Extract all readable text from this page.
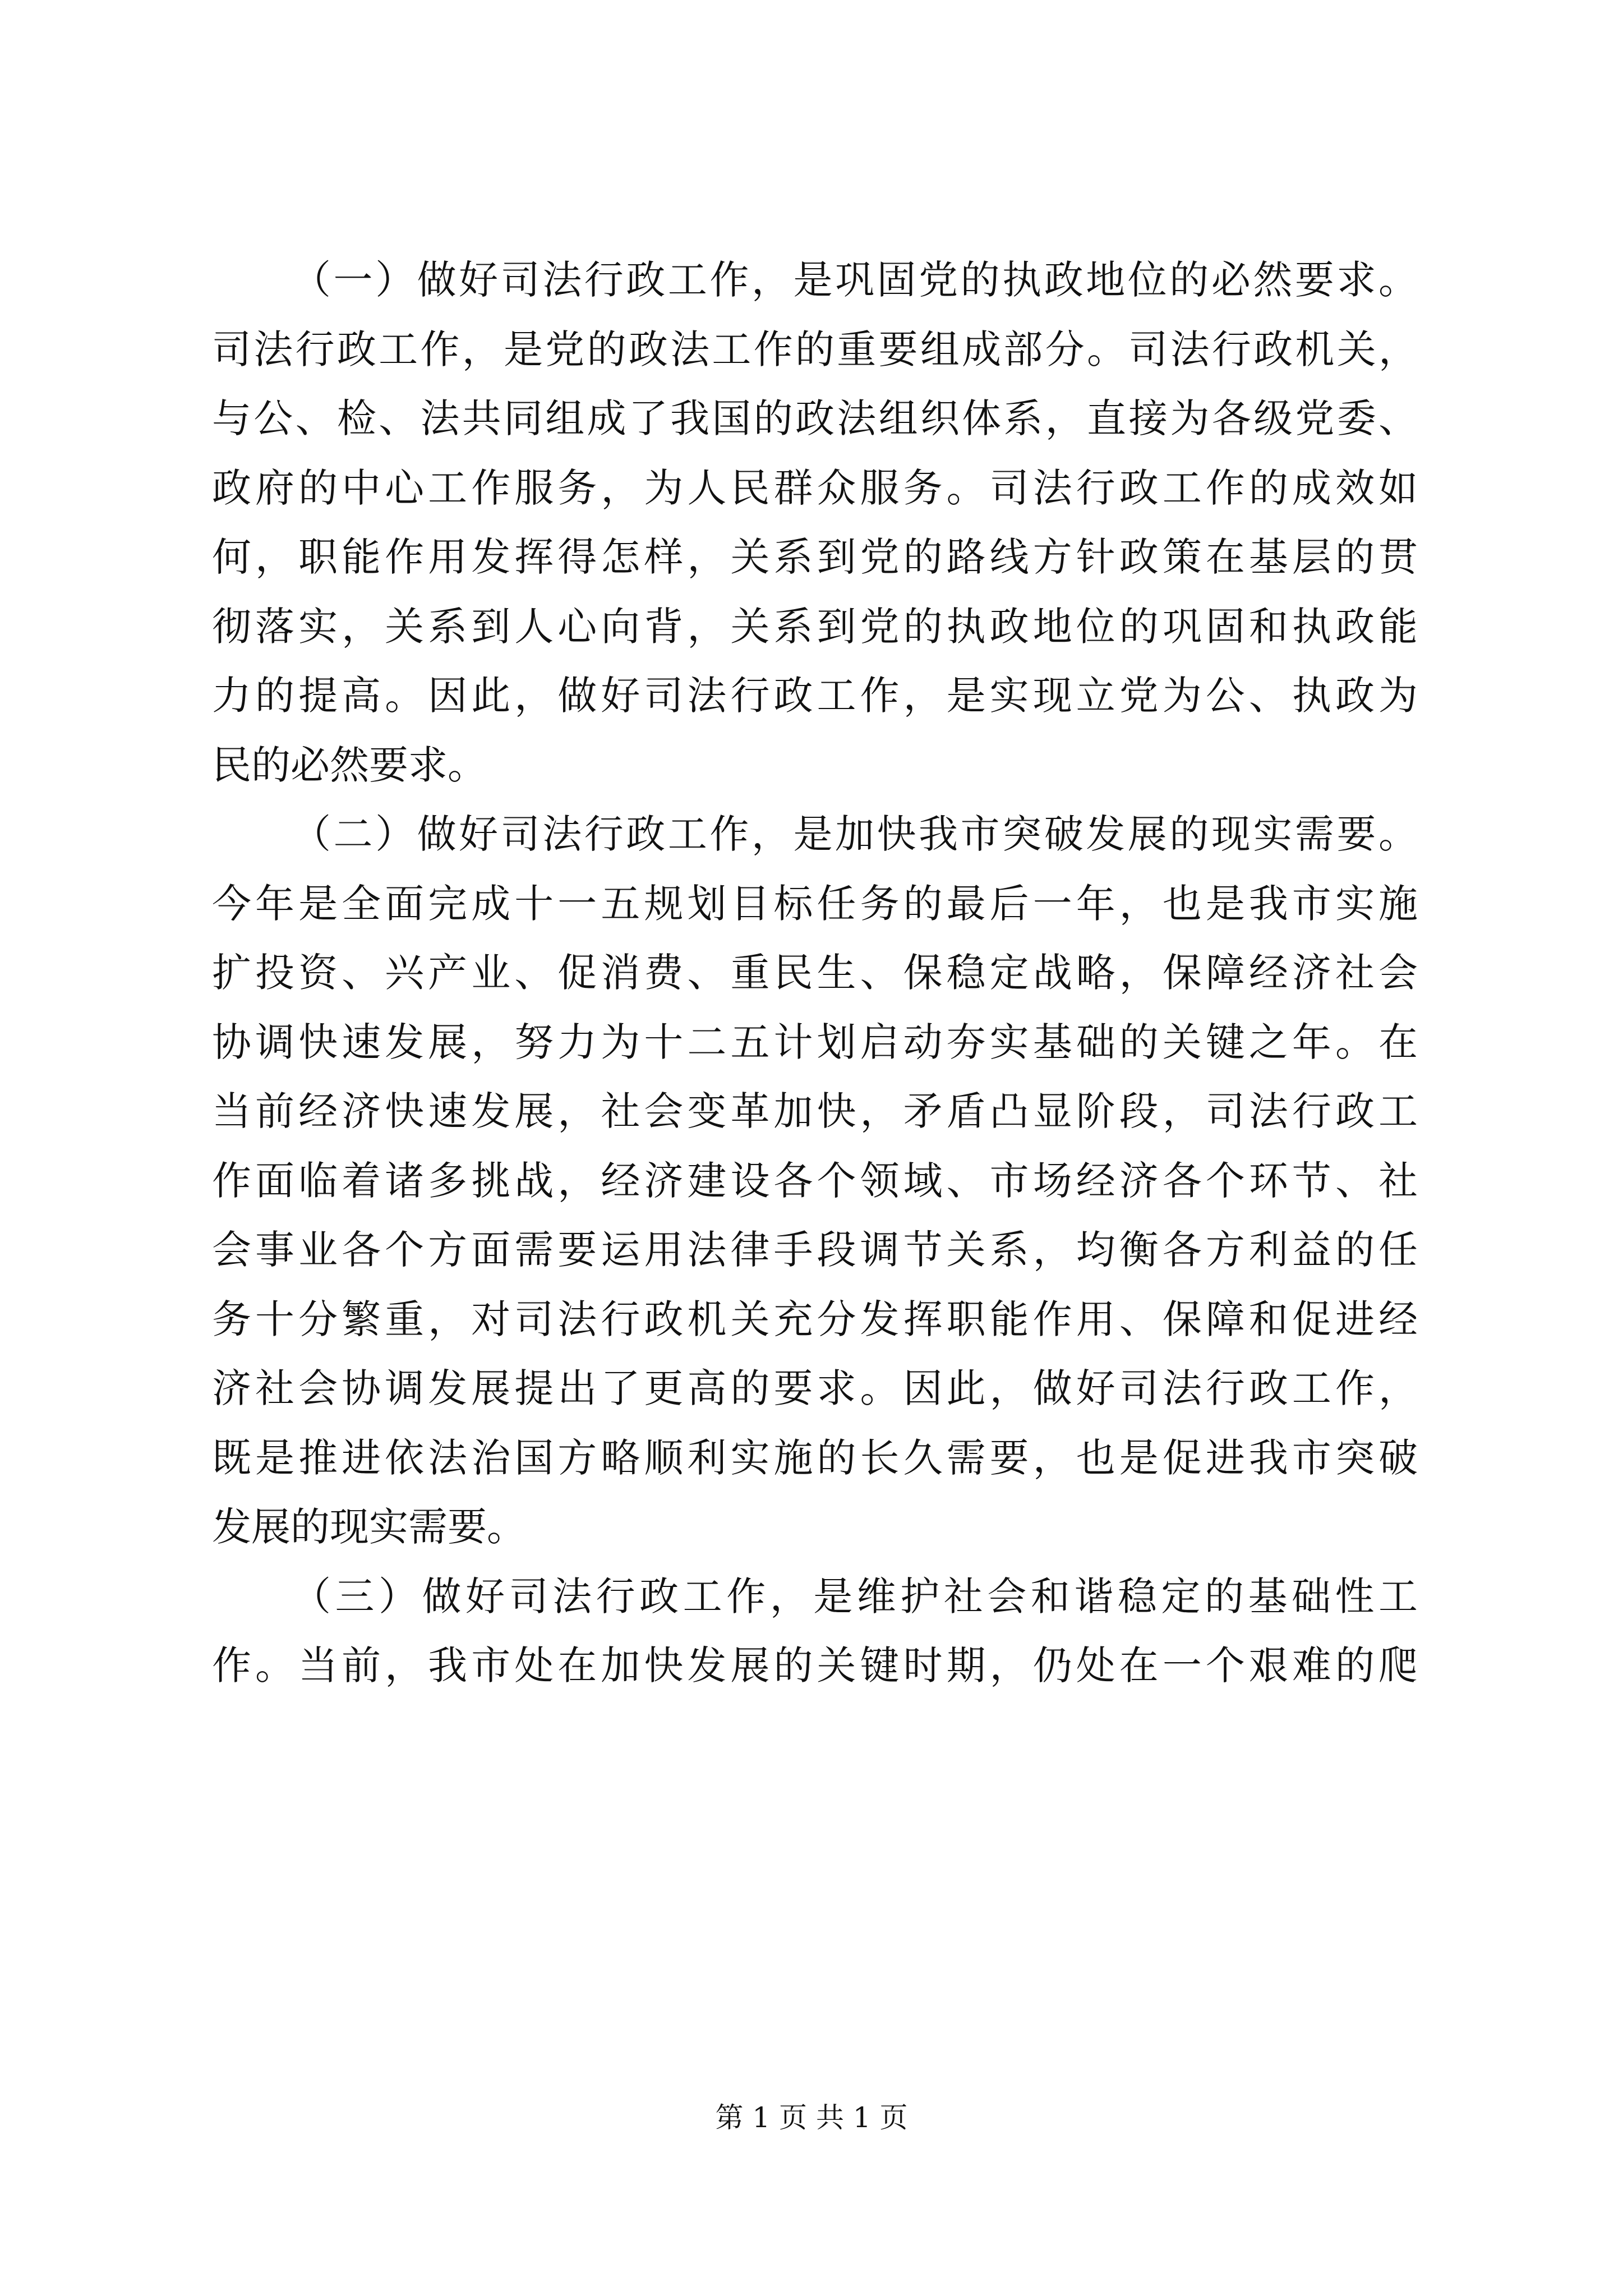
（一）做好司法行政工作，是巩固党的执政地位的必然要求。
司法行政工作，是党的政法工作的重要组成部分。司法行政机关，
与公、检、法共同组成了我国的政法组织体系，直接为各级党委、
政府的中心工作服务，为人民群众服务。司法行政工作的成效如
何，职能作用发挥得怎样，关系到党的路线方针政策在基层的贯
彻落实，关系到人心向背，关系到党的执政地位的巩固和执政能
力的提高。因此，做好司法行政工作，是实现立党为公、执政为
民的必然要求。
（二）做好司法行政工作，是加快我市突破发展的现实需要。
今年是全面完成十一五规划目标任务的最后一年，也是我市实施
扩投资、兴产业、促消费、重民生、保稳定战略，保障经济社会
协调快速发展，努力为十二五计划启动夯实基础的关键之年。在
当前经济快速发展，社会变革加快，矛盾凸显阶段，司法行政工
作面临着诸多挑战，经济建设各个领域、市场经济各个环节、社
会事业各个方面需要运用法律手段调节关系，均衡各方利益的任
务十分繁重，对司法行政机关充分发挥职能作用、保障和促进经
济社会协调发展提出了更高的要求。因此，做好司法行政工作，
既是推进依法治国方略顺利实施的长久需要，也是促进我市突破
发展的现实需要。
（三）做好司法行政工作，是维护社会和谐稳定的基础性工
作。当前，我市处在加快发展的关键时期，仍处在一个艰难的爬
第 1 页 共 1 页
